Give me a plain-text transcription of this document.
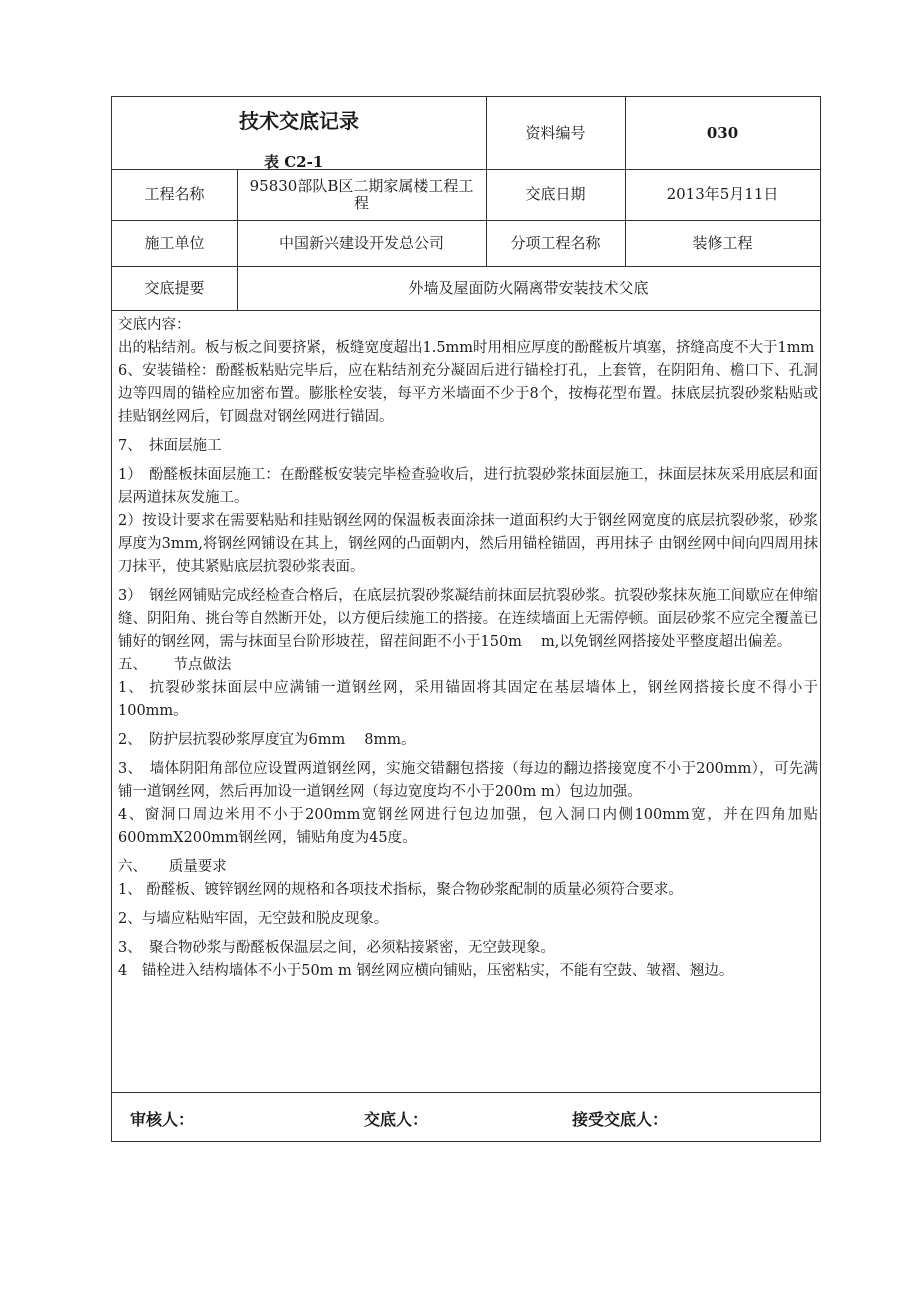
技术交底记录
表 C2-1
资料编号	030
工程名称	95830部队B区二期家属楼工程工程	交底日期	2013年5月11日
施工单位	中国新兴建设开发总公司	分项工程名称	装修工程
交底提要	外墙及屋面防火隔离带安装技术父底

交底内容：

出的粘结剂。板与板之间要挤紧，板缝宽度超出1.5mm时用相应厚度的酚醛板片填塞，挤缝高度不大于1mm

6、安装锚栓：酚醛板粘贴完毕后，应在粘结剂充分凝固后进行锚栓打孔，上套管，在阴阳角、檐口下、孔洞边等四周的锚栓应加密布置。膨胀栓安装，每平方米墙面不少于8个，按梅花型布置。抹底层抗裂砂浆粘贴或挂贴钢丝网后，钉圆盘对钢丝网进行锚固。

7、　抹面层施工

1）　酚醛板抹面层施工：在酚醛板安装完毕检查验收后，进行抗裂砂浆抹面层施工，抹面层抹灰采用底层和面层两道抹灰发施工。

2）按设计要求在需要粘贴和挂贴钢丝网的保温板表面涂抹一道面积约大于钢丝网宽度的底层抗裂砂浆，砂浆厚度为3mm,将钢丝网铺设在其上，钢丝网的凸面朝内，然后用锚栓锚固，再用抹子 由钢丝网中间向四周用抹刀抹平，使其紧贴底层抗裂砂浆表面。

3）　钢丝网铺贴完成经检查合格后，在底层抗裂砂浆凝结前抹面层抗裂砂浆。抗裂砂浆抹灰施工间歇应在伸缩缝、阴阳角、挑台等自然断开处，以方便后续施工的搭接。在连续墙面上无需停顿。面层砂浆不应完全覆盖已铺好的钢丝网，需与抹面呈台阶形坡茬，留茬间距不小于150m　 m,以免钢丝网搭接处平整度超出偏差。

五、　　 节点做法

1、 抗裂砂浆抹面层中应满铺一道钢丝网，采用锚固将其固定在基层墙体上，钢丝网搭接长度不得小于100mm。

2、　防护层抗裂砂浆厚度宜为6mm　 8mm。

3、　墙体阴阳角部位应设置两道钢丝网，实施交错翻包搭接（每边的翻边搭接宽度不小于200mm），可先满铺一道钢丝网，然后再加设一道钢丝网（每边宽度均不小于200m m）包边加强。

4、窗洞口周边米用不小于200mm宽钢丝网进行包边加强，包入洞口内侧100mm宽，并在四角加贴600mmX200mm钢丝网，铺贴角度为45度。

六、　　质量要求

1、 酚醛板、镀锌钢丝网的规格和各项技术指标，聚合物砂浆配制的质量必须符合要求。

2、与墙应粘贴牢固，无空鼓和脱皮现象。

3、　聚合物砂浆与酚醛板保温层之间，必须粘接紧密，无空鼓现象。

4　锚栓进入结构墙体不小于50m m 钢丝网应横向铺贴，压密粘实，不能有空鼓、皱褶、翘边。

审核人：	交底人：	接受交底人：
